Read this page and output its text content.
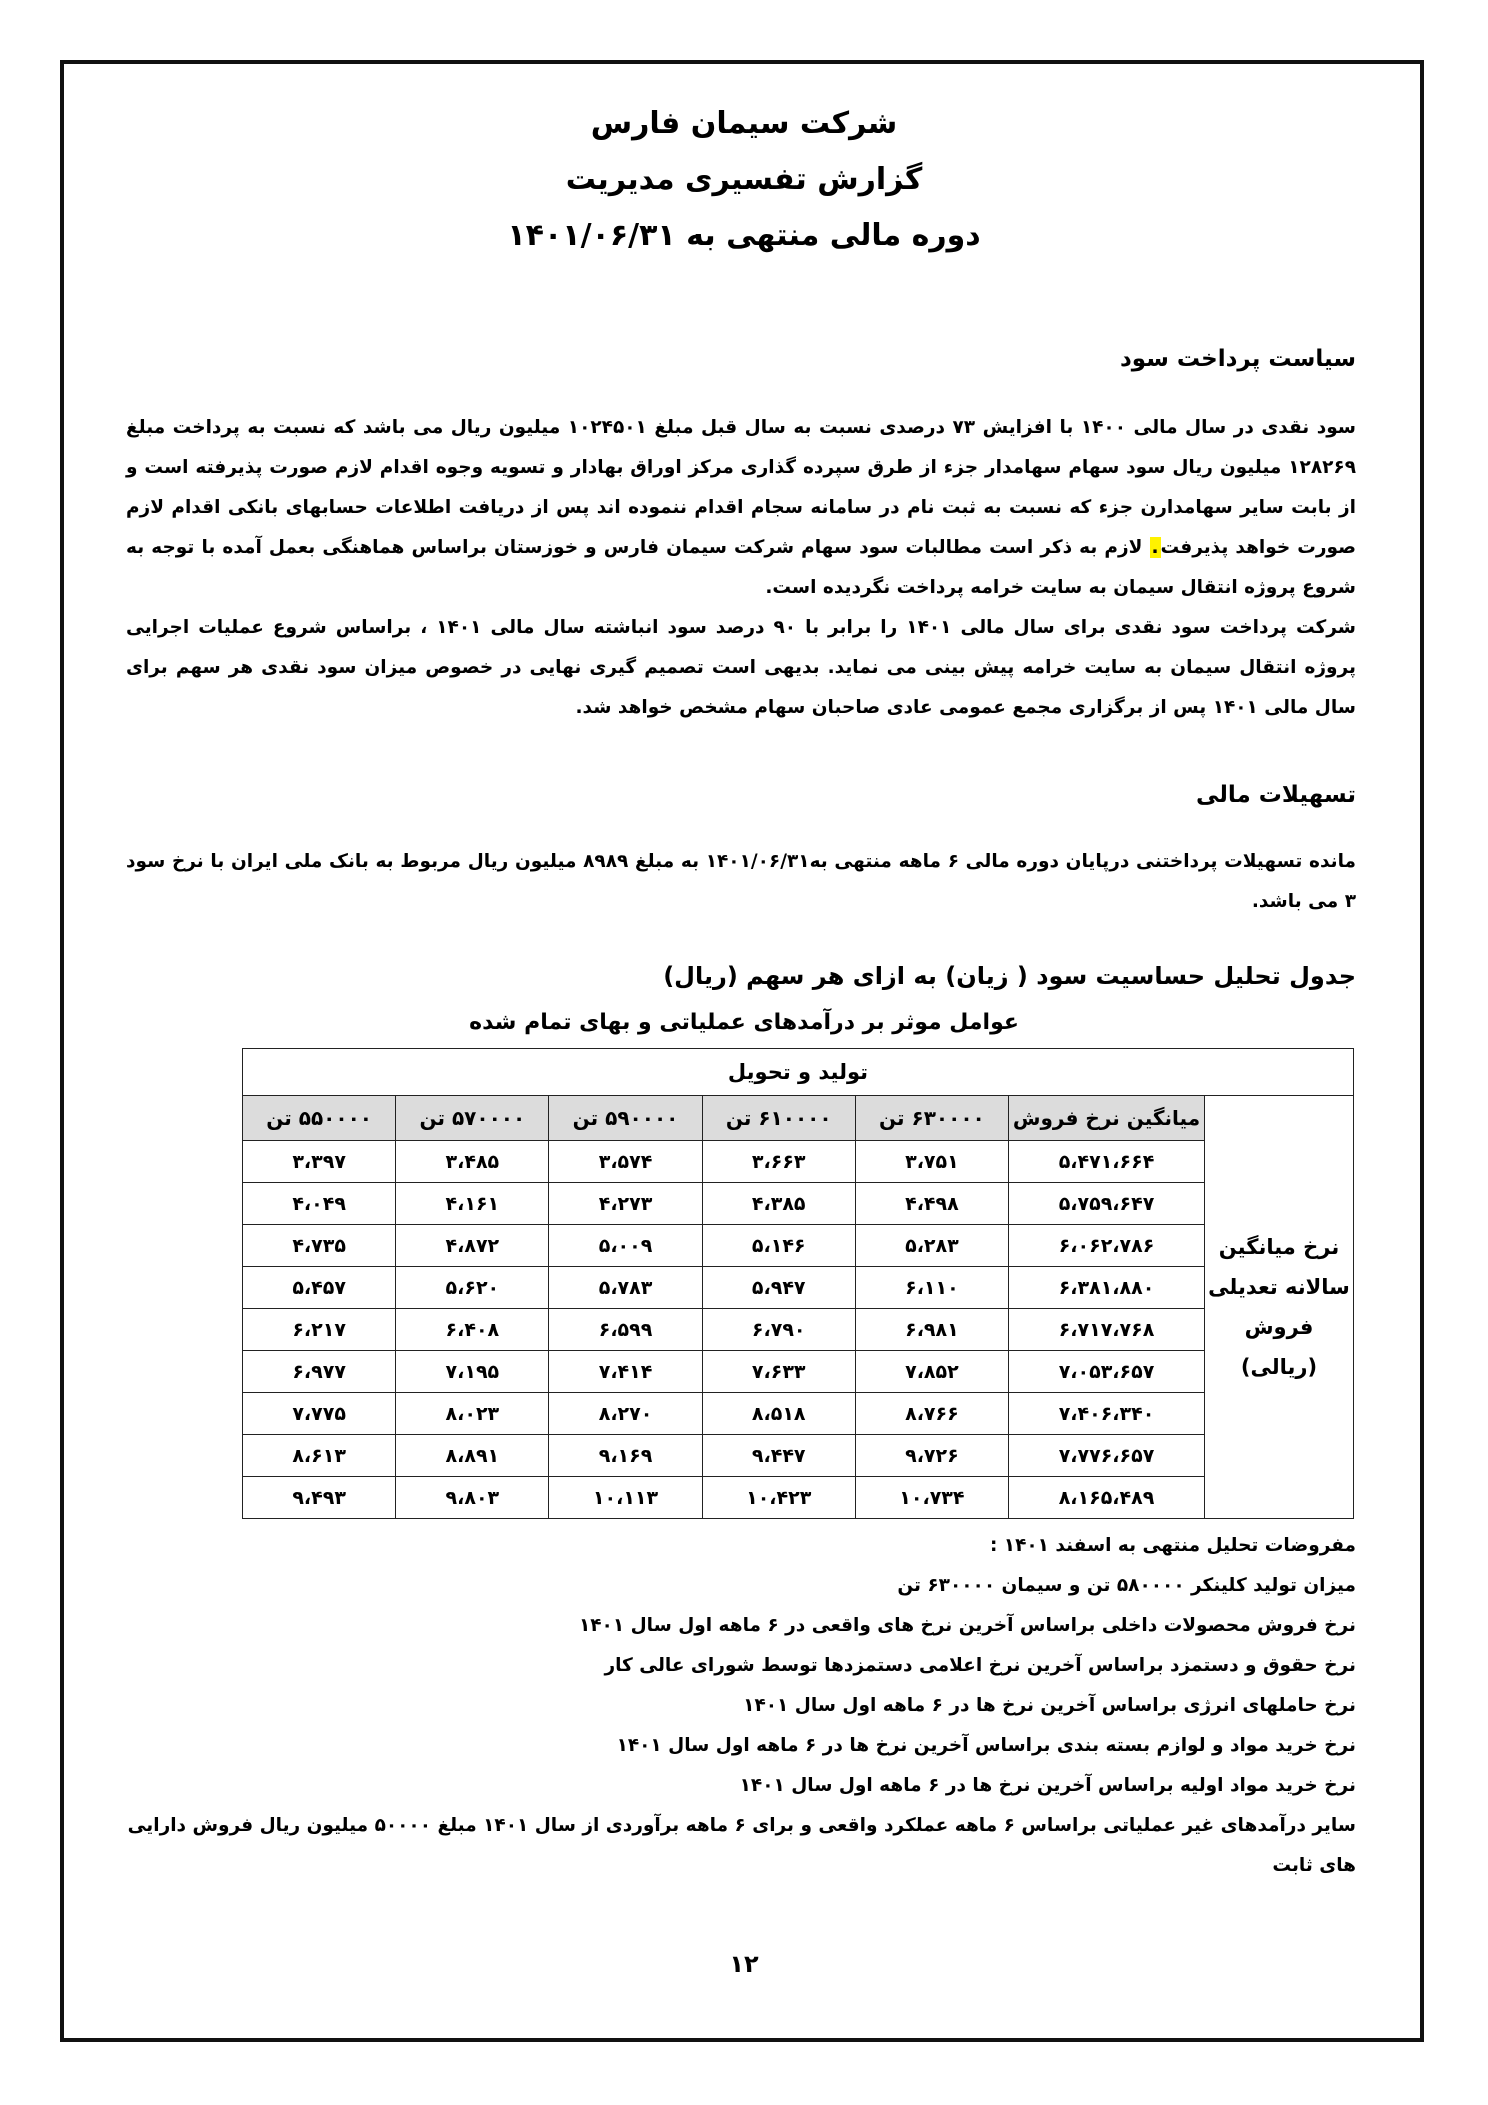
شرکت سیمان فارس
گزارش تفسیری مدیریت
دوره مالی منتهی به ۱۴۰۱/۰۶/۳۱
سیاست پرداخت سود

سود نقدی در سال مالی ۱۴۰۰ با افزایش ۷۳ درصدی نسبت به سال قبل مبلغ ۱۰۲۴۵۰۱ میلیون ریال می باشد که نسبت به پرداخت مبلغ ۱۲۸۲۶۹ میلیون ریال سود سهام سهامدار جزء از طرق سپرده گذاری مرکز اوراق بهادار و تسویه وجوه اقدام لازم صورت پذیرفته است و از بابت سایر سهامدارن جزء که نسبت به ثبت نام در سامانه سجام اقدام ننموده اند پس از دریافت اطلاعات حسابهای بانکی اقدام لازم صورت خواهد پذیرفت. لازم به ذکر است مطالبات سود سهام شرکت سیمان فارس و خوزستان براساس هماهنگی بعمل آمده با توجه به شروع پروژه انتقال سیمان به سایت خرامه پرداخت نگردیده است.

شرکت پرداخت سود نقدی برای سال مالی ۱۴۰۱ را برابر با ۹۰ درصد سود انباشته سال مالی ۱۴۰۱ ، براساس شروع عملیات اجرایی پروژه انتقال سیمان به سایت خرامه پیش بینی می نماید. بدیهی است تصمیم گیری نهایی در خصوص میزان سود نقدی هر سهم برای سال مالی ۱۴۰۱ پس از برگزاری مجمع عمومی عادی صاحبان سهام مشخص خواهد شد.

تسهیلات مالی

مانده تسهیلات پرداختنی درپایان دوره مالی ۶ ماهه منتهی به۱۴۰۱/۰۶/۳۱ به مبلغ ۸۹۸۹ میلیون ریال مربوط به بانک ملی ایران با نرخ سود ۳ می باشد.

جدول تحلیل حساسیت سود ( زیان) به ازای هر سهم (ریال)
عوامل موثر بر درآمدهای عملیاتی و بهای تمام شده
تولید و تحویل						
نرخ میانگین سالانه تعدیلی فروش (ریالی)	میانگین نرخ فروش	۶۳۰۰۰۰ تن	۶۱۰۰۰۰ تن	۵۹۰۰۰۰ تن	۵۷۰۰۰۰ تن	۵۵۰۰۰۰ تن
	۵،۴۷۱،۶۶۴	۳،۷۵۱	۳،۶۶۳	۳،۵۷۴	۳،۴۸۵	۳،۳۹۷
	۵،۷۵۹،۶۴۷	۴،۴۹۸	۴،۳۸۵	۴،۲۷۳	۴،۱۶۱	۴،۰۴۹
	۶،۰۶۲،۷۸۶	۵،۲۸۳	۵،۱۴۶	۵،۰۰۹	۴،۸۷۲	۴،۷۳۵
	۶،۳۸۱،۸۸۰	۶،۱۱۰	۵،۹۴۷	۵،۷۸۳	۵،۶۲۰	۵،۴۵۷
	۶،۷۱۷،۷۶۸	۶،۹۸۱	۶،۷۹۰	۶،۵۹۹	۶،۴۰۸	۶،۲۱۷
	۷،۰۵۳،۶۵۷	۷،۸۵۲	۷،۶۳۳	۷،۴۱۴	۷،۱۹۵	۶،۹۷۷
	۷،۴۰۶،۳۴۰	۸،۷۶۶	۸،۵۱۸	۸،۲۷۰	۸،۰۲۳	۷،۷۷۵
	۷،۷۷۶،۶۵۷	۹،۷۲۶	۹،۴۴۷	۹،۱۶۹	۸،۸۹۱	۸،۶۱۳
	۸،۱۶۵،۴۸۹	۱۰،۷۳۴	۱۰،۴۲۳	۱۰،۱۱۳	۹،۸۰۳	۹،۴۹۳
مفروضات تحلیل منتهی به اسفند ۱۴۰۱ :
میزان تولید کلینکر ۵۸۰۰۰۰ تن و سیمان ۶۳۰۰۰۰ تن
نرخ فروش محصولات داخلی براساس آخرین نرخ های واقعی در ۶ ماهه اول سال ۱۴۰۱
نرخ حقوق و دستمزد براساس آخرین نرخ اعلامی دستمزدها توسط شورای عالی کار
نرخ حاملهای انرژی براساس آخرین نرخ ها در ۶ ماهه اول سال ۱۴۰۱
نرخ خرید مواد و لوازم بسته بندی براساس آخرین نرخ ها در ۶ ماهه اول سال ۱۴۰۱
نرخ خرید مواد اولیه براساس آخرین نرخ ها در ۶ ماهه اول سال ۱۴۰۱
سایر درآمدهای غیر عملیاتی براساس ۶ ماهه عملکرد واقعی و برای ۶ ماهه برآوردی از سال ۱۴۰۱ مبلغ ۵۰۰۰۰ میلیون ریال فروش دارایی های ثابت
۱۲
